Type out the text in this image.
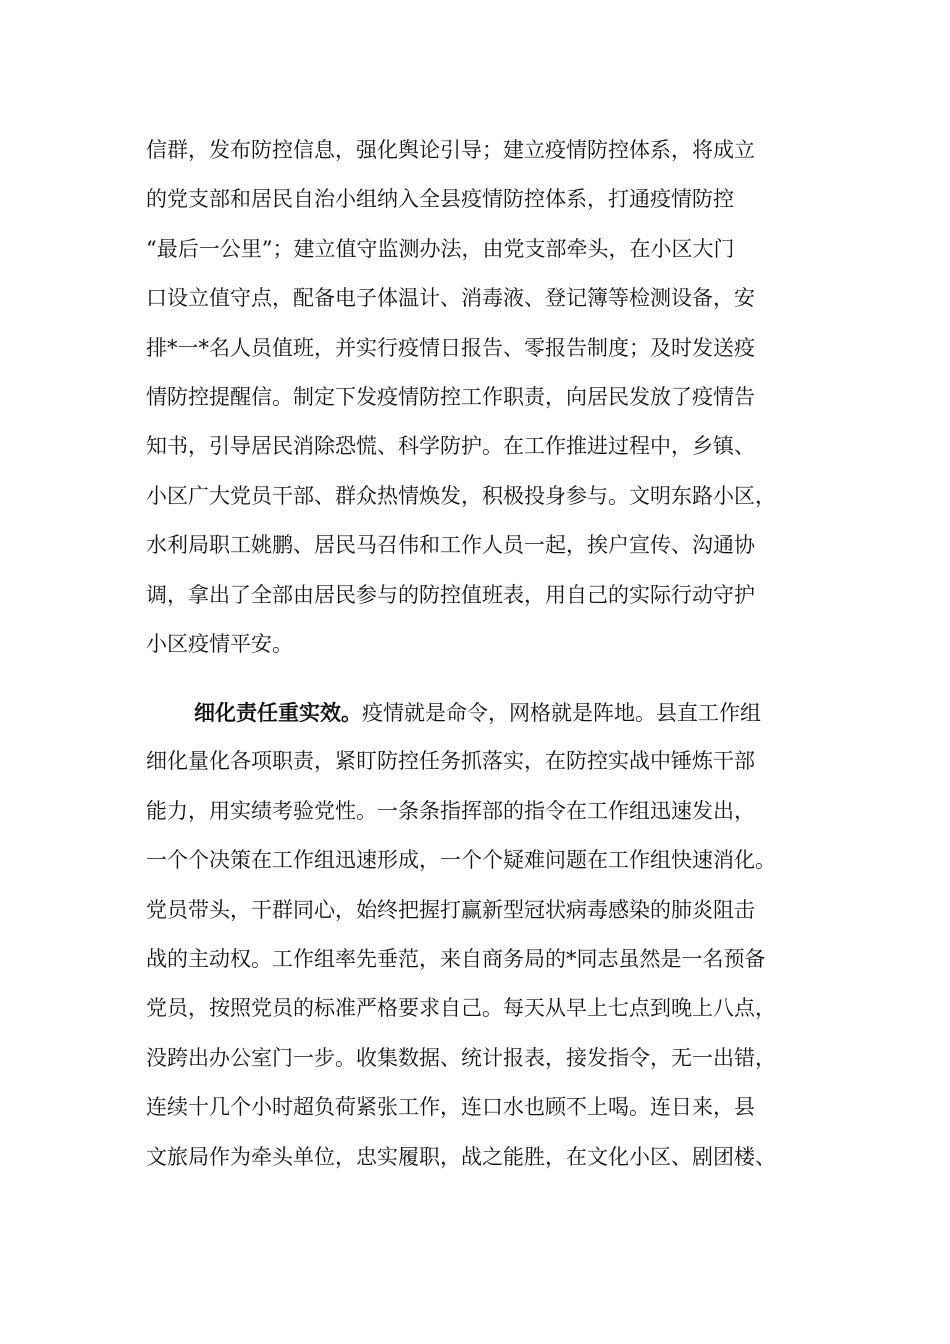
信群，发布防控信息，强化舆论引导；建立疫情防控体系，将成立
的党支部和居民自治小组纳入全县疫情防控体系，打通疫情防控
“最后一公里”；建立值守监测办法，由党支部牵头，在小区大门
口设立值守点，配备电子体温计、消毒液、登记簿等检测设备，安
排*一*名人员值班，并实行疫情日报告、零报告制度；及时发送疫
情防控提醒信。制定下发疫情防控工作职责，向居民发放了疫情告
知书，引导居民消除恐慌、科学防护。在工作推进过程中，乡镇、
小区广大党员干部、群众热情焕发，积极投身参与。文明东路小区，
水利局职工姚鹏、居民马召伟和工作人员一起，挨户宣传、沟通协
调，拿出了全部由居民参与的防控值班表，用自己的实际行动守护
小区疫情平安。
细化责任重实效。疫情就是命令，网格就是阵地。县直工作组
细化量化各项职责，紧盯防控任务抓落实，在防控实战中锤炼干部
能力，用实绩考验党性。一条条指挥部的指令在工作组迅速发出，
一个个决策在工作组迅速形成，一个个疑难问题在工作组快速消化。
党员带头，干群同心，始终把握打赢新型冠状病毒感染的肺炎阻击
战的主动权。工作组率先垂范，来自商务局的*同志虽然是一名预备
党员，按照党员的标准严格要求自己。每天从早上七点到晚上八点，
没跨出办公室门一步。收集数据、统计报表，接发指令，无一出错，
连续十几个小时超负荷紧张工作，连口水也顾不上喝。连日来，县
文旅局作为牵头单位，忠实履职，战之能胜，在文化小区、剧团楼、
